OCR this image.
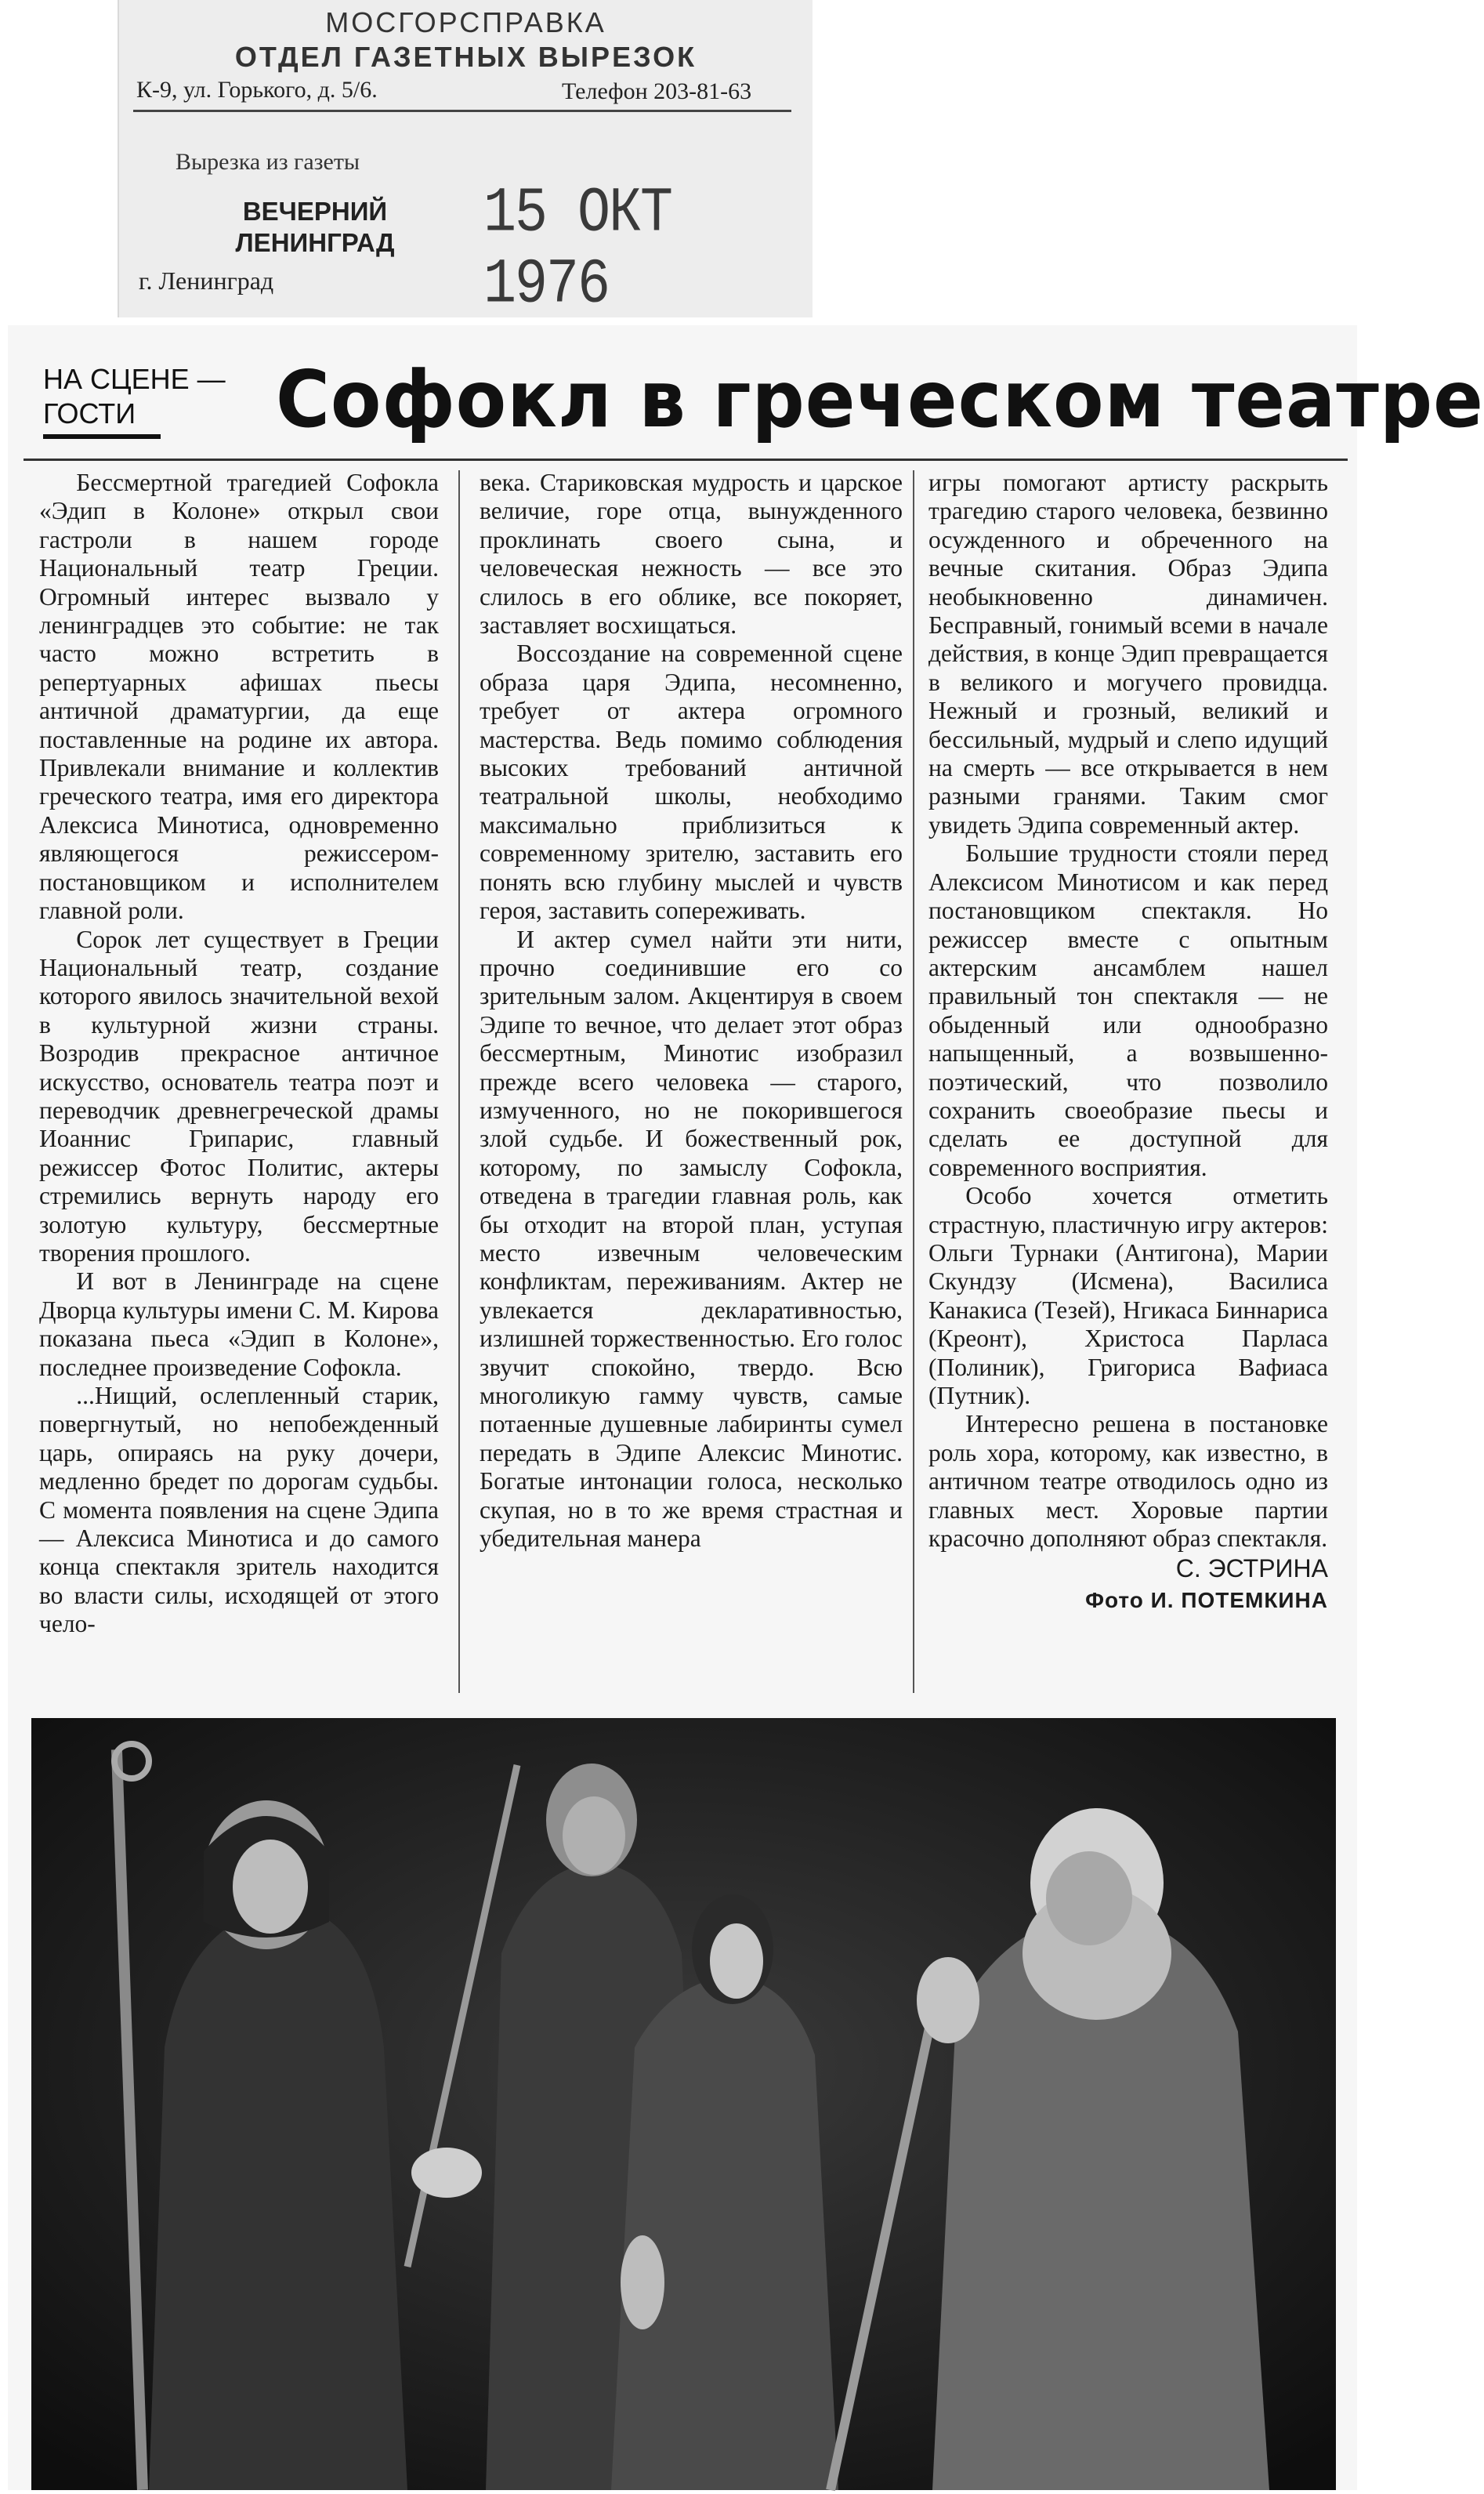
МОСГОРСПРАВКА
ОТДЕЛ ГАЗЕТНЫХ ВЫРЕЗОК
К-9, ул. Горького, д. 5/6.	Телефон 203-81-63
Вырезка из газеты
ВЕЧЕРНИЙ
ЛЕНИНГРАД	15 ОКТ 1976
г. Ленинград
НА СЦЕНЕ —
ГОСТИ	Софокл в греческом театре

Бессмертной трагедией Софокла «Эдип в Колоне» открыл свои гастроли в нашем городе Национальный театр Греции. Огромный интерес вызвало у ленинградцев это событие: не так часто можно встретить в репертуарных афишах пьесы античной драматургии, да еще поставленные на родине их автора. Привлекали внимание и коллектив греческого театра, имя его директора Алексиса Минотиса, одновременно являющегося режиссером-постановщиком и исполнителем главной роли.

Сорок лет существует в Греции Национальный театр, создание которого явилось значительной вехой в культурной жизни страны. Возродив прекрасное античное искусство, основатель театра поэт и переводчик древнегреческой драмы Иоаннис Грипарис, главный режиссер Фотос Политис, актеры стремились вернуть народу его золотую культуру, бессмертные творения прошлого.

И вот в Ленинграде на сцене Дворца культуры имени С. М. Кирова показана пьеса «Эдип в Колоне», последнее произведение Софокла.

...Нищий, ослепленный старик, повергнутый, но непобежденный царь, опираясь на руку дочери, медленно бредет по дорогам судьбы. С момента появления на сцене Эдипа — Алексиса Минотиса и до самого конца спектакля зритель находится во власти силы, исходящей от этого чело-

века. Стариковская мудрость и царское величие, горе отца, вынужденного проклинать своего сына, и человеческая нежность — все это слилось в его облике, все покоряет, заставляет восхищаться.

Воссоздание на современной сцене образа царя Эдипа, несомненно, требует от актера огромного мастерства. Ведь помимо соблюдения высоких требований античной театральной школы, необходимо максимально приблизиться к современному зрителю, заставить его понять всю глубину мыслей и чувств героя, заставить сопереживать.

И актер сумел найти эти нити, прочно соединившие его со зрительным залом. Акцентируя в своем Эдипе то вечное, что делает этот образ бессмертным, Минотис изобразил прежде всего человека — старого, измученного, но не покорившегося злой судьбе. И божественный рок, которому, по замыслу Софокла, отведена в трагедии главная роль, как бы отходит на второй план, уступая место извечным человеческим конфликтам, переживаниям. Актер не увлекается декларативностью, излишней торжественностью. Его голос звучит спокойно, твердо. Всю многоликую гамму чувств, самые потаенные душевные лабиринты сумел передать в Эдипе Алексис Минотис. Богатые интонации голоса, несколько скупая, но в то же время страстная и убедительная манера

игры помогают артисту раскрыть трагедию старого человека, безвинно осужденного и обреченного на вечные скитания. Образ Эдипа необыкновенно динамичен. Бесправный, гонимый всеми в начале действия, в конце Эдип превращается в великого и могучего провидца. Нежный и грозный, великий и бессильный, мудрый и слепо идущий на смерть — все открывается в нем разными гранями. Таким смог увидеть Эдипа современный актер.

Большие трудности стояли перед Алексисом Минотисом и как перед постановщиком спектакля. Но режиссер вместе с опытным актерским ансамблем нашел правильный тон спектакля — не обыденный или однообразно напыщенный, а возвышенно-поэтический, что позволило сохранить своеобразие пьесы и сделать ее доступной для современного восприятия.

Особо хочется отметить страстную, пластичную игру актеров: Ольги Турнаки (Антигона), Марии Скундзу (Исмена), Василиса Канакиса (Тезей), Нгикаса Биннариса (Креонт), Христоса Парласа (Полиник), Григориса Вафиаса (Путник).

Интересно решена в постановке роль хора, которому, как известно, в античном театре отводилось одно из главных мест. Хоровые партии красочно дополняют образ спектакля.

С. ЭСТРИНА
Фото И. ПОТЕМКИНА
